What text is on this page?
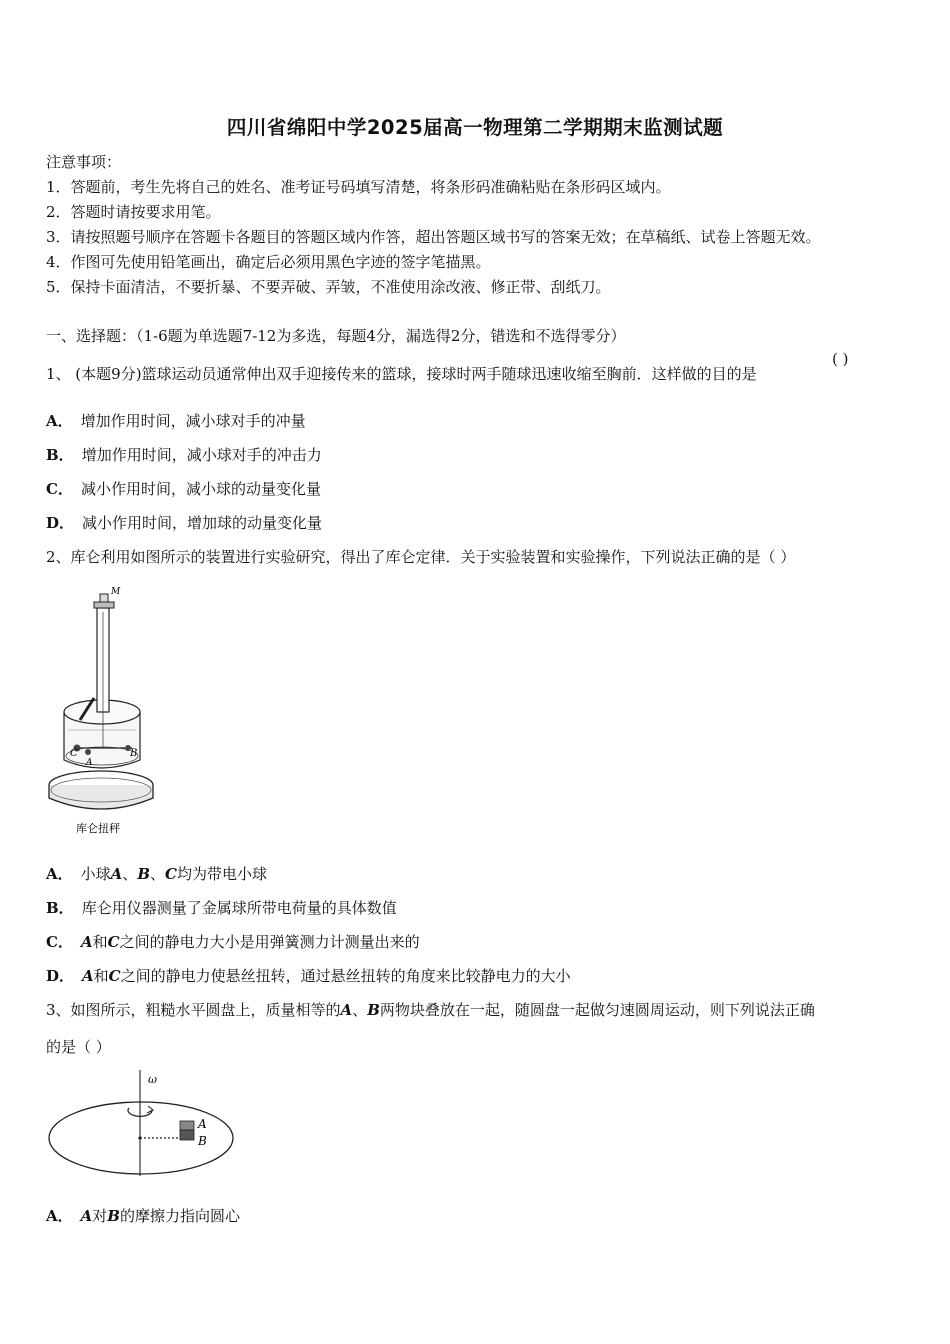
四川省绵阳中学2025届高一物理第二学期期末监测试题
注意事项：
1．答题前，考生先将自己的姓名、准考证号码填写清楚，将条形码准确粘贴在条形码区域内。
2．答题时请按要求用笔。
3．请按照题号顺序在答题卡各题目的答题区域内作答，超出答题区域书写的答案无效；在草稿纸、试卷上答题无效。
4．作图可先使用铅笔画出，确定后必须用黑色字迹的签字笔描黑。
5．保持卡面清洁，不要折暴、不要弄破、弄皱，不准使用涂改液、修正带、刮纸刀。
一、选择题：（1-6题为单选题7-12为多选，每题4分，漏选得2分，错选和不选得零分）
1、 (本题9分)篮球运动员通常伸出双手迎接传来的篮球，接球时两手随球迅速收缩至胸前．这样做的目的是
( )
A． 增加作用时间，减小球对手的冲量
B． 增加作用时间，减小球对手的冲击力
C． 减小作用时间，减小球的动量变化量
D． 减小作用时间，增加球的动量变化量
2、库仑利用如图所示的装置进行实验研究，得出了库仑定律．关于实验装置和实验操作，下列说法正确的是（ ）
M
C
A
B
库仑扭秤
A． 小球A、B、C均为带电小球
B． 库仑用仪器测量了金属球所带电荷量的具体数值
C． A和C之间的静电力大小是用弹簧测力计测量出来的
D． A和C之间的静电力使悬丝扭转，通过悬丝扭转的角度来比较静电力的大小
3、如图所示，粗糙水平圆盘上，质量相等的A、B两物块叠放在一起，随圆盘一起做匀速圆周运动，则下列说法正确
的是（ ）
ω
A
B
A． A对B的摩擦力指向圆心
